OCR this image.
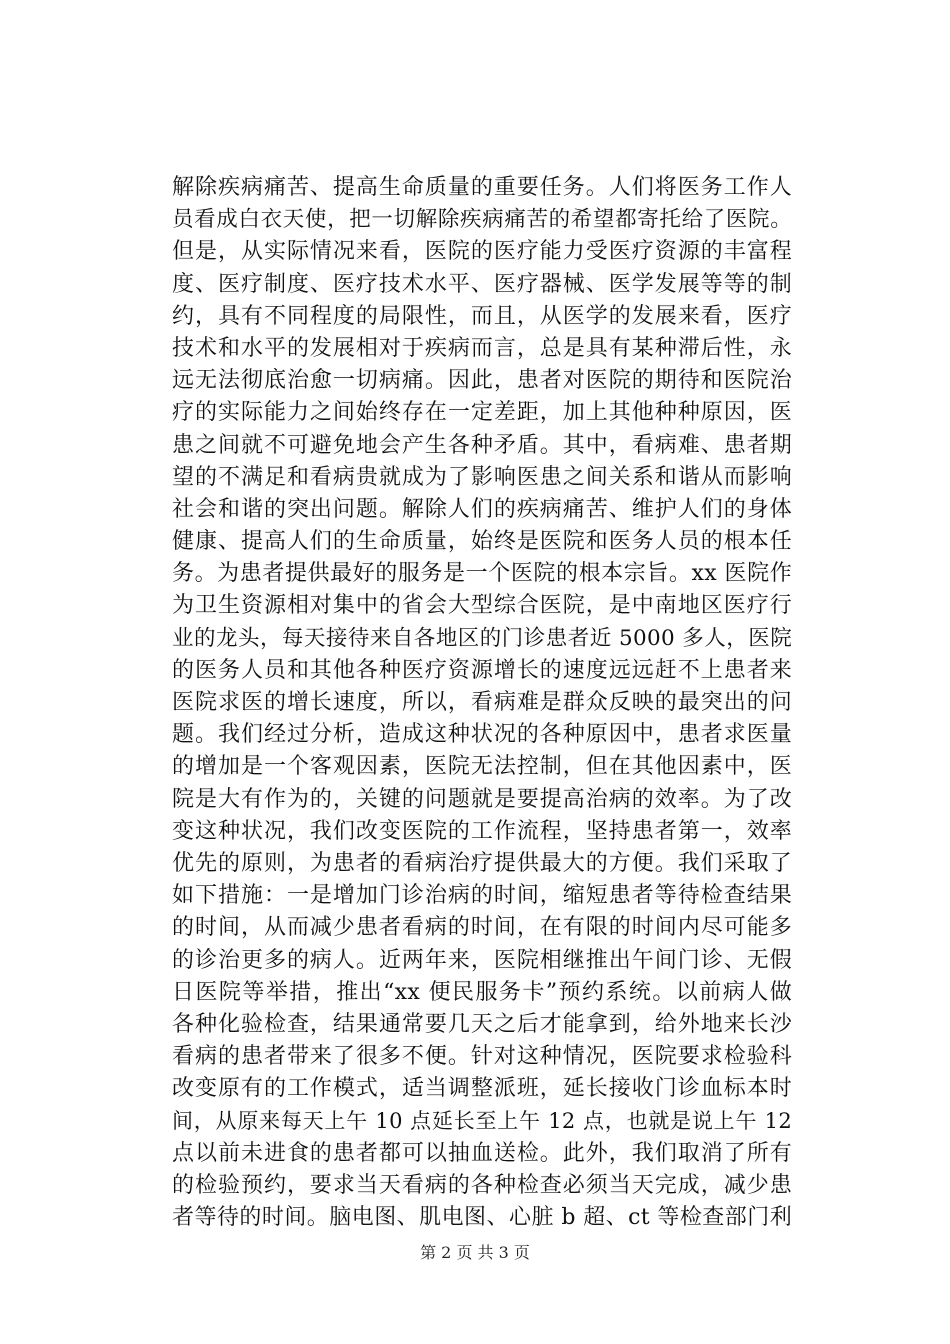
解除疾病痛苦、提高生命质量的重要任务。人们将医务工作人
员看成白衣天使，把一切解除疾病痛苦的希望都寄托给了医院。
但是，从实际情况来看，医院的医疗能力受医疗资源的丰富程
度、医疗制度、医疗技术水平、医疗器械、医学发展等等的制
约，具有不同程度的局限性，而且，从医学的发展来看，医疗
技术和水平的发展相对于疾病而言，总是具有某种滞后性，永
远无法彻底治愈一切病痛。因此，患者对医院的期待和医院治
疗的实际能力之间始终存在一定差距，加上其他种种原因，医
患之间就不可避免地会产生各种矛盾。其中，看病难、患者期
望的不满足和看病贵就成为了影响医患之间关系和谐从而影响
社会和谐的突出问题。解除人们的疾病痛苦、维护人们的身体
健康、提高人们的生命质量，始终是医院和医务人员的根本任
务。为患者提供最好的服务是一个医院的根本宗旨。xx 医院作
为卫生资源相对集中的省会大型综合医院，是中南地区医疗行
业的龙头，每天接待来自各地区的门诊患者近 5000 多人，医院
的医务人员和其他各种医疗资源增长的速度远远赶不上患者来
医院求医的增长速度，所以，看病难是群众反映的最突出的问
题。我们经过分析，造成这种状况的各种原因中，患者求医量
的增加是一个客观因素，医院无法控制，但在其他因素中，医
院是大有作为的，关键的问题就是要提高治病的效率。为了改
变这种状况，我们改变医院的工作流程，坚持患者第一，效率
优先的原则，为患者的看病治疗提供最大的方便。我们采取了
如下措施：一是增加门诊治病的时间，缩短患者等待检查结果
的时间，从而减少患者看病的时间，在有限的时间内尽可能多
的诊治更多的病人。近两年来，医院相继推出午间门诊、无假
日医院等举措，推出“xx 便民服务卡”预约系统。以前病人做
各种化验检查，结果通常要几天之后才能拿到，给外地来长沙
看病的患者带来了很多不便。针对这种情况，医院要求检验科
改变原有的工作模式，适当调整派班，延长接收门诊血标本时
间，从原来每天上午 10 点延长至上午 12 点，也就是说上午 12
点以前未进食的患者都可以抽血送检。此外，我们取消了所有
的检验预约，要求当天看病的各种检查必须当天完成，减少患
者等待的时间。脑电图、肌电图、心脏 b 超、ct 等检查部门利
第 2 页 共 3 页
